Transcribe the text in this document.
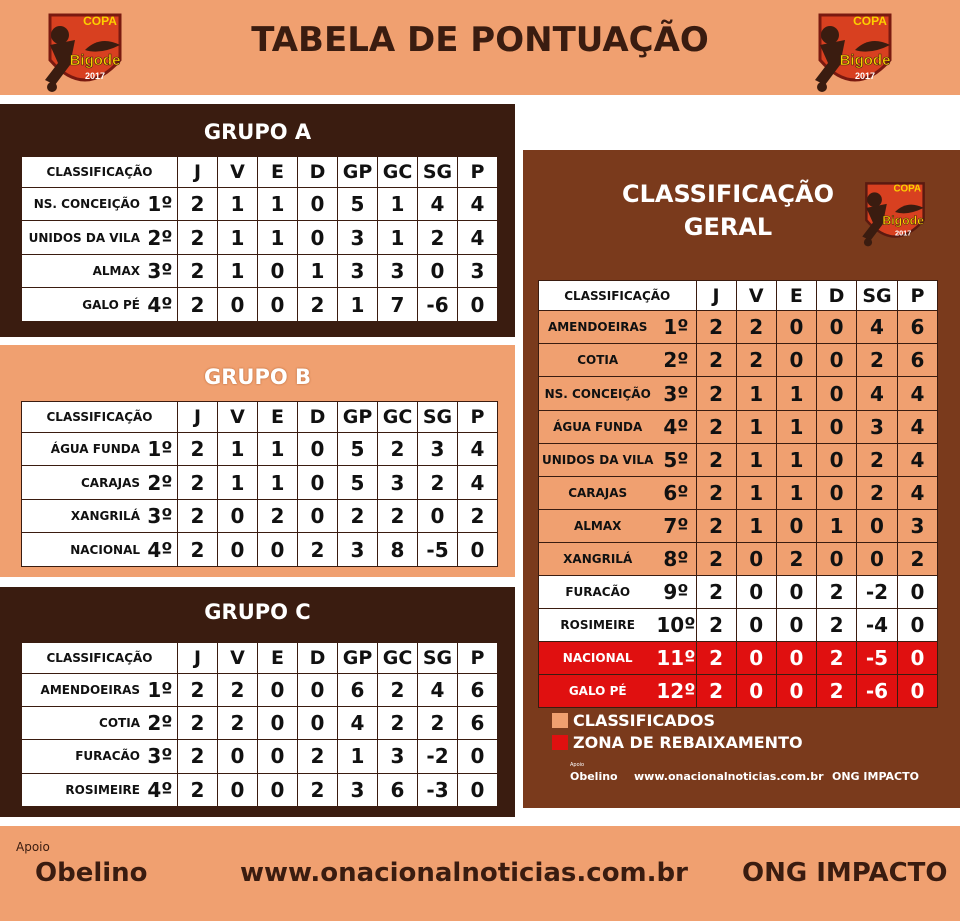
TABELA DE PONTUAÇÃO
COPA
Bigode
2017
COPA
Bigode
2017
GRUPO A
CLASSIFICAÇÃO		J	V	E	D	GP	GC	SG	P
NS. CONCEIÇÃO	1º	2	1	1	0	5	1	4	4
UNIDOS DA VILA	2º	2	1	1	0	3	1	2	4
ALMAX	3º	2	1	0	1	3	3	0	3
GALO PÉ	4º	2	0	0	2	1	7	-6	0
GRUPO B
CLASSIFICAÇÃO		J	V	E	D	GP	GC	SG	P
ÁGUA FUNDA	1º	2	1	1	0	5	2	3	4
CARAJAS	2º	2	1	1	0	5	3	2	4
XANGRILÁ	3º	2	0	2	0	2	2	0	2
NACIONAL	4º	2	0	0	2	3	8	-5	0
GRUPO C
CLASSIFICAÇÃO		J	V	E	D	GP	GC	SG	P
AMENDOEIRAS	1º	2	2	0	0	6	2	4	6
COTIA	2º	2	2	0	0	4	2	2	6
FURACÃO	3º	2	0	0	2	1	3	-2	0
ROSIMEIRE	4º	2	0	0	2	3	6	-3	0
CLASSIFICAÇÃO
GERAL
COPA
Bigode
2017
CLASSIFICAÇÃO		J	V	E	D	SG	P
AMENDOEIRAS	1º	2	2	0	0	4	6
COTIA	2º	2	2	0	0	2	6
NS. CONCEIÇÃO	3º	2	1	1	0	4	4
ÁGUA FUNDA	4º	2	1	1	0	3	4
UNIDOS DA VILA	5º	2	1	1	0	2	4
CARAJAS	6º	2	1	1	0	2	4
ALMAX	7º	2	1	0	1	0	3
XANGRILÁ	8º	2	0	2	0	0	2
FURACÃO	9º	2	0	0	2	-2	0
ROSIMEIRE	10º	2	0	0	2	-4	0
NACIONAL	11º	2	0	0	2	-5	0
GALO PÉ	12º	2	0	0	2	-6	0
CLASSIFICADOS
ZONA DE REBAIXAMENTO
Apoio
Obelino www.onacionalnoticias.com.br ONG IMPACTO
Apoio
Obelino	www.onacionalnoticias.com.br ONG IMPACTO
